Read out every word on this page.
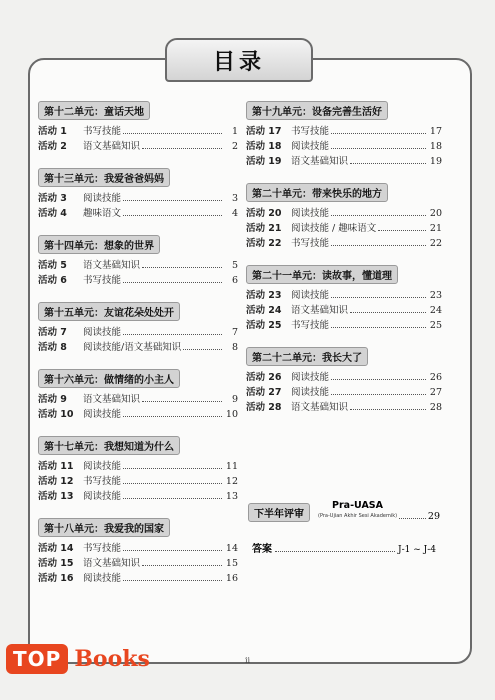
目录
第十二单元：童话天地
活动 1	书写技能	1
活动 2	语文基础知识	2
第十三单元：我爱爸爸妈妈
活动 3	阅读技能	3
活动 4	趣味语文	4
第十四单元：想象的世界
活动 5	语文基础知识	5
活动 6	书写技能	6
第十五单元：友谊花朵处处开
活动 7	阅读技能	7
活动 8	阅读技能/语文基础知识	8
第十六单元：做情绪的小主人
活动 9	语文基础知识	9
活动 10 阅读技能	10
第十七单元：我想知道为什么
活动 11 阅读技能	11
活动 12 书写技能	12
活动 13 阅读技能	13
第十八单元：我爱我的国家
活动 14 书写技能	14
活动 15 语文基础知识	15
活动 16 阅读技能	16
第十九单元：设备完善生活好
活动 17 书写技能	17
活动 18 阅读技能	18
活动 19 语文基础知识	19
第二十单元：带来快乐的地方
活动 20 阅读技能	20
活动 21 阅读技能 / 趣味语文	21
活动 22 书写技能	22
第二十一单元：读故事，懂道理
活动 23 阅读技能	23
活动 24 语文基础知识	24
活动 25 书写技能	25
第二十二单元：我长大了
活动 26 阅读技能	26
活动 27 阅读技能	27
活动 28 语文基础知识	28
下半年评审
Pra-UASA
(Pra-Ujian Akhir Sesi Akademik)	29
答案	J-1 ~ J-4
ii
TOP Books
